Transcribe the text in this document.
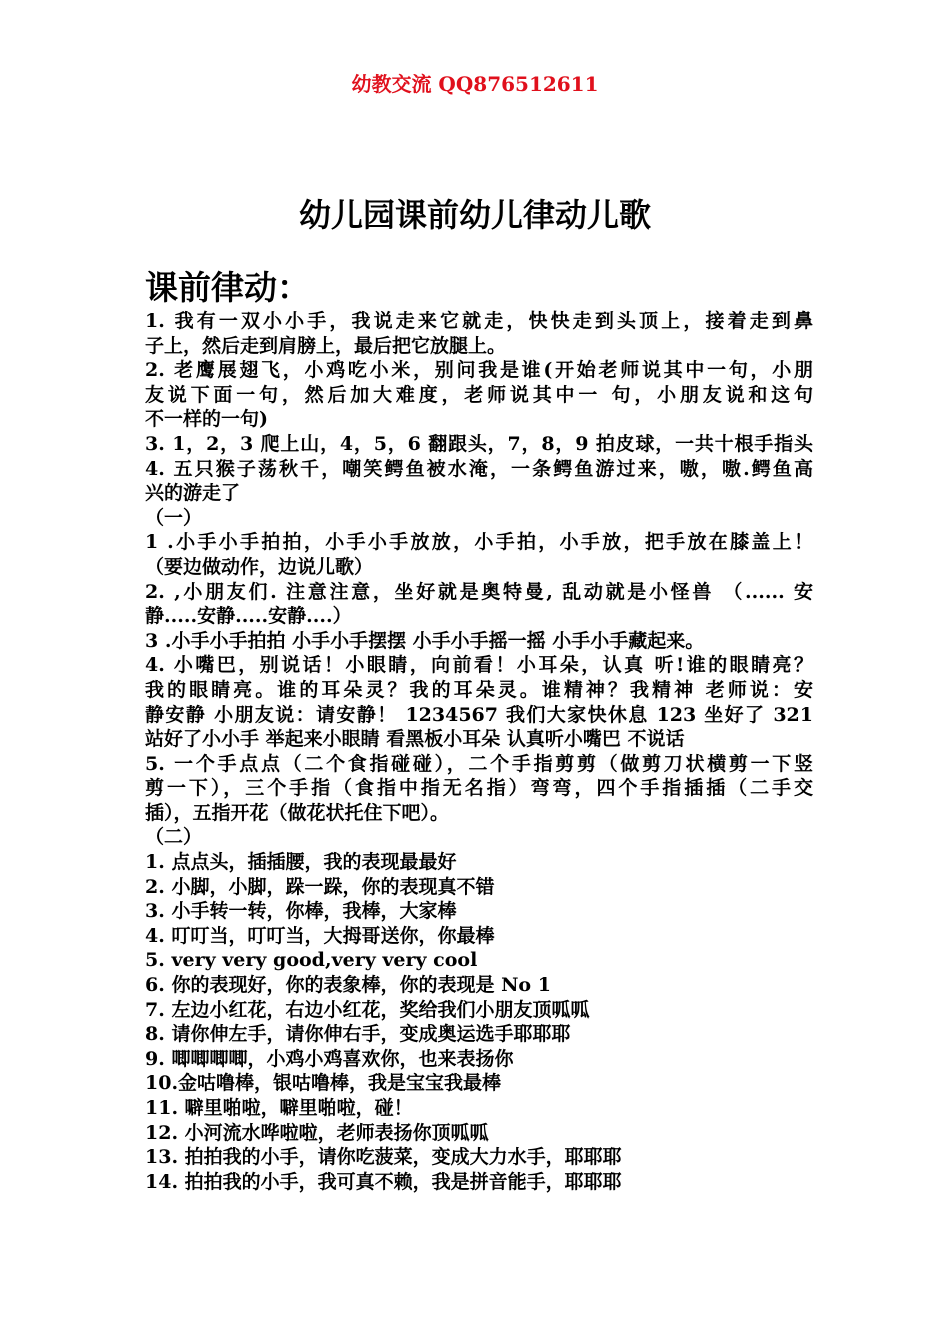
幼教交流 QQ876512611
幼儿园课前幼儿律动儿歌
课前律动：
1. 我有一双小小手，我说走来它就走，快快走到头顶上，接着走到鼻
子上，然后走到肩膀上，最后把它放腿上。
2. 老鹰展翅飞，小鸡吃小米，别问我是谁(开始老师说其中一句，小朋
友说下面一句，然后加大难度，老师说其中一 句，小朋友说和这句
不一样的一句)
3. 1，2，3 爬上山，4，5，6 翻跟头，7，8，9 拍皮球，一共十根手指头
4. 五只猴子荡秋千，嘲笑鳄鱼被水淹，一条鳄鱼游过来，嗷，嗷.鳄鱼高
兴的游走了
（一）
1 .小手小手拍拍，小手小手放放，小手拍，小手放，把手放在膝盖上！
（要边做动作，边说儿歌）
2. ,小朋友们. 注意注意，坐好就是奥特曼, 乱动就是小怪兽 （...... 安
静.....安静.....安静....）
3 .小手小手拍拍 小手小手摆摆 小手小手摇一摇 小手小手藏起来。
4. 小嘴巴，别说话！小眼睛，向前看！小耳朵，认真 听!谁的眼睛亮？
我的眼睛亮。谁的耳朵灵？我的耳朵灵。谁精神？我精神 老师说：安
静安静 小朋友说：请安静！ 1234567 我们大家快休息 123 坐好了 321
站好了小小手 举起来小眼睛 看黑板小耳朵 认真听小嘴巴 不说话
5. 一个手点点（二个食指碰碰），二个手指剪剪（做剪刀状横剪一下竖
剪一下），三个手指（食指中指无名指）弯弯，四个手指插插（二手交
插），五指开花（做花状托住下吧）。
（二）
1. 点点头，插插腰，我的表现最最好
2. 小脚，小脚，跺一跺，你的表现真不错
3. 小手转一转，你棒，我棒，大家棒
4. 叮叮当，叮叮当，大拇哥送你，你最棒
5. very very good,very very cool
6. 你的表现好，你的表象棒，你的表现是 No 1
7. 左边小红花，右边小红花，奖给我们小朋友顶呱呱
8. 请你伸左手，请你伸右手，变成奥运选手耶耶耶
9. 唧唧唧唧，小鸡小鸡喜欢你，也来表扬你
10.金咕噜棒，银咕噜棒，我是宝宝我最棒
11. 噼里啪啦，噼里啪啦，碰！
12. 小河流水哗啦啦，老师表扬你顶呱呱
13. 拍拍我的小手，请你吃菠菜，变成大力水手，耶耶耶
14. 拍拍我的小手，我可真不赖，我是拼音能手，耶耶耶
